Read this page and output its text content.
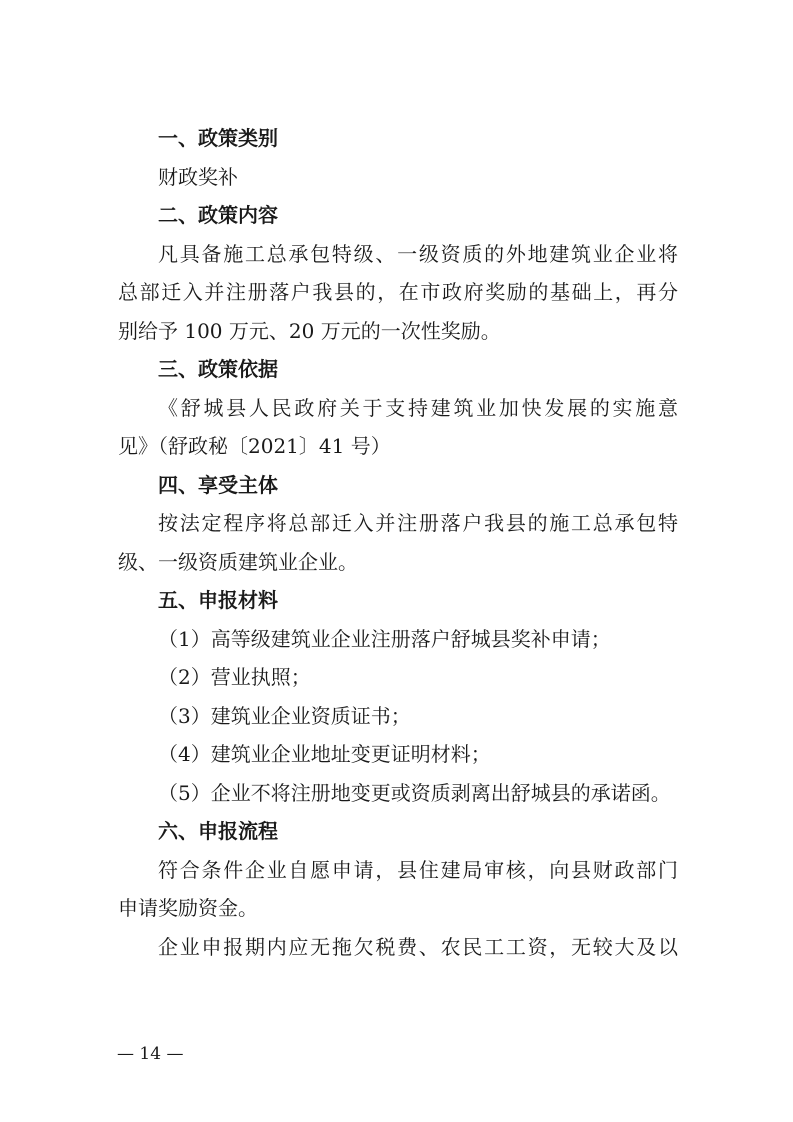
一、政策类别
财政奖补
二、政策内容
凡具备施工总承包特级、一级资质的外地建筑业企业将
总部迁入并注册落户我县的，在市政府奖励的基础上，再分
别给予 100 万元、20 万元的一次性奖励。
三、政策依据
《舒城县人民政府关于支持建筑业加快发展的实施意
见》（舒政秘〔2021〕41 号）
四、享受主体
按法定程序将总部迁入并注册落户我县的施工总承包特
级、一级资质建筑业企业。
五、申报材料
（1）高等级建筑业企业注册落户舒城县奖补申请；
（2）营业执照；
（3）建筑业企业资质证书；
（4）建筑业企业地址变更证明材料；
（5）企业不将注册地变更或资质剥离出舒城县的承诺函。
六、申报流程
符合条件企业自愿申请，县住建局审核，向县财政部门
申请奖励资金。
企业申报期内应无拖欠税费、农民工工资，无较大及以
— 14 —
